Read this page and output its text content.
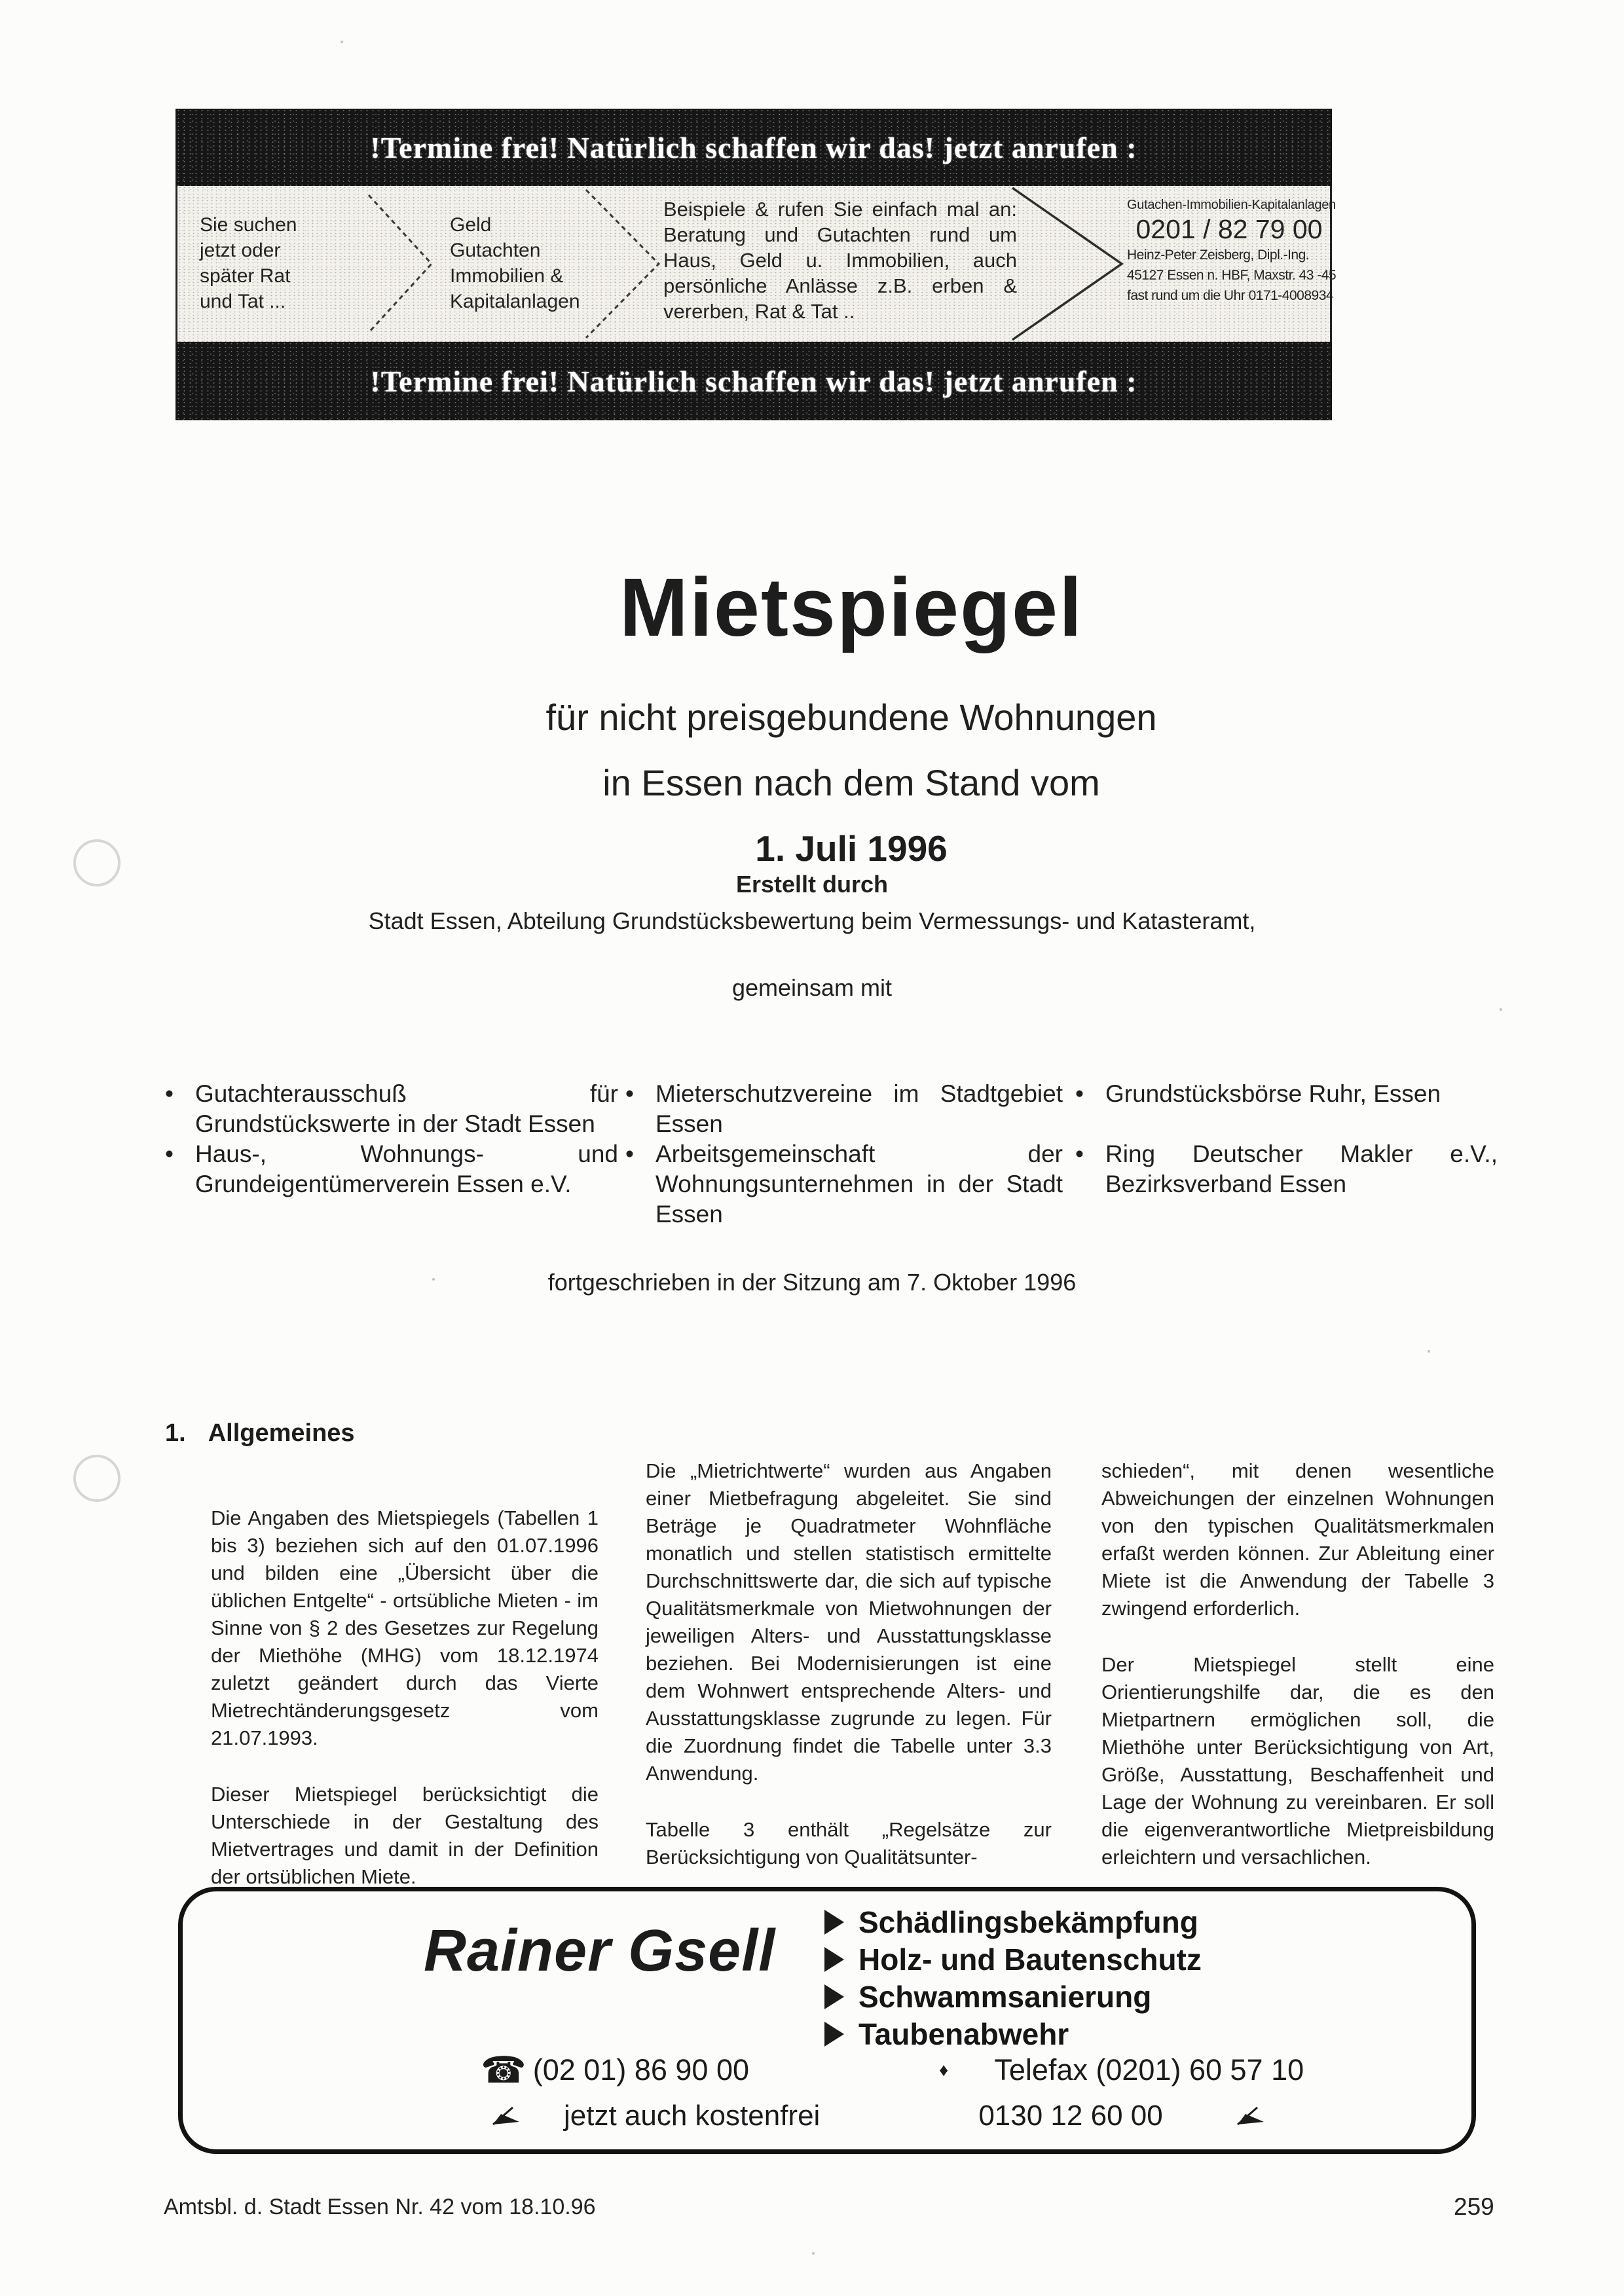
!Termine frei! Natürlich schaffen wir das! jetzt anrufen :
Sie suchen
jetzt oder
später Rat
und Tat ...
Geld
Gutachten
Immobilien &
Kapitalanlagen
Beispiele & rufen Sie einfach mal an: Beratung und Gutachten rund um Haus, Geld u. Immobilien, auch persönliche Anlässe z.B. erben & vererben, Rat & Tat ..
Gutachen-Immobilien-Kapitalanlagen
0201 / 82 79 00
Heinz-Peter Zeisberg, Dipl.-Ing.
45127 Essen n. HBF, Maxstr. 43 -45
fast rund um die Uhr 0171-4008934
!Termine frei! Natürlich schaffen wir das! jetzt anrufen :
Mietspiegel
für nicht preisgebundene Wohnungen
in Essen nach dem Stand vom
1. Juli 1996
Erstellt durch
Stadt Essen, Abteilung Grundstücksbewertung beim Vermessungs- und Katasteramt,
gemeinsam mit
• Gutachterausschuß für Grundstückswerte in der Stadt Essen
• Haus-, Wohnungs- und Grundeigentümerverein Essen e.V.
• Mieterschutzvereine im Stadtgebiet Essen
• Arbeitsgemeinschaft der Wohnungsunternehmen in der Stadt Essen
• Grundstücksbörse Ruhr, Essen
• Ring Deutscher Makler e.V., Bezirksverband Essen
fortgeschrieben in der Sitzung am 7. Oktober 1996
1. Allgemeines

Die Angaben des Mietspiegels (Tabellen 1 bis 3) beziehen sich auf den 01.07.1996 und bilden eine „Übersicht über die üblichen Entgelte“ - ortsübliche Mieten - im Sinne von § 2 des Gesetzes zur Regelung der Miethöhe (MHG) vom 18.12.1974 zuletzt geändert durch das Vierte Mietrechtänderungsgesetz vom 21.07.1993.

Dieser Mietspiegel berücksichtigt die Unterschiede in der Gestaltung des Mietvertrages und damit in der Definition der ortsüblichen Miete.

Die „Mietrichtwerte“ wurden aus Angaben einer Mietbefragung abgeleitet. Sie sind Beträge je Quadratmeter Wohnfläche monatlich und stellen statistisch ermittelte Durchschnittswerte dar, die sich auf typische Qualitätsmerkmale von Mietwohnungen der jeweiligen Alters- und Ausstattungsklasse beziehen. Bei Modernisierungen ist eine dem Wohnwert entsprechende Alters- und Ausstattungsklasse zugrunde zu legen. Für die Zuordnung findet die Tabelle unter 3.3 Anwendung.

Tabelle 3 enthält „Regelsätze zur Berücksichtigung von Qualitätsunter-

schieden“, mit denen wesentliche Abweichungen der einzelnen Wohnungen von den typischen Qualitätsmerkmalen erfaßt werden können. Zur Ableitung einer Miete ist die Anwendung der Tabelle 3 zwingend erforderlich.

Der Mietspiegel stellt eine Orientierungshilfe dar, die es den Mietpartnern ermöglichen soll, die Miethöhe unter Berücksichtigung von Art, Größe, Ausstattung, Beschaffenheit und Lage der Wohnung zu vereinbaren. Er soll die eigenverantwortliche Mietpreisbildung erleichtern und versachlichen.

Rainer Gsell	Schädlingsbekämpfung
Holz- und Bautenschutz
Schwammsanierung
Taubenabwehr
☎ (02 01) 86 90 00	♦ Telefax (0201) 60 57 10
jetzt auch kostenfrei	0130 12 60 00
Amtsbl. d. Stadt Essen Nr. 42 vom 18.10.96	259
